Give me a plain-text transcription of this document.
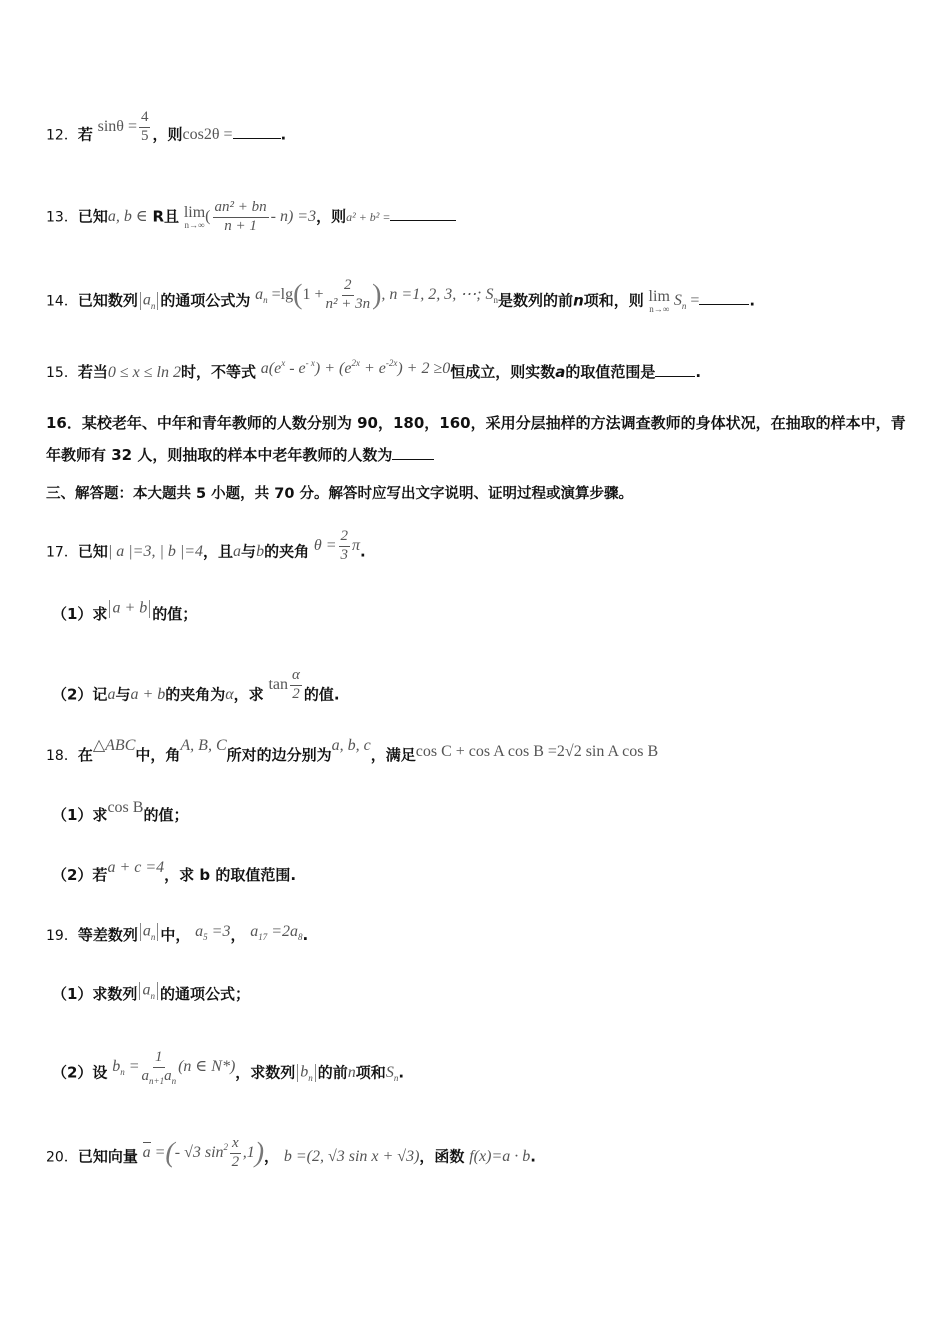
12．若 $\sin\theta = \frac{4}{5}$ ，则cos2θ =	.
13．已知a, b ∈ R且 lim
n→∞ ( $\frac{\text{an² + bn}}{n + 1} - n) =3$，则a² + b² =
14．已知数列 $a_n$ 的通项公式为 $a_n =\lg(1 + \frac{2}{\text{n² + 3n}}$ ), n =1, 2, 3, ⋯; $S_n$是数列的前n项和，则 lim
n→∞ $S_n$ =	.
15．若当0 ≤ x ≤ ln 2时，不等式 $a(e^x - e^{- x}) + (e^{2x} + e^{-2x}) + 2 \ge 0$恒成立，则实数a的取值范围是	.
16．某校老年、中年和青年教师的人数分别为 90，180，160，采用分层抽样的方法调查教师的身体状况，在抽取的样本中，青年教师有 32 人，则抽取的样本中老年教师的人数为
三、解答题：本大题共 5 小题，共 70 分。解答时应写出文字说明、证明过程或演算步骤。
17．已知| a |=3, | b |=4，且a与b的夹角 $\theta = \frac{2}{3} \pi$.
（1）求 a + b 的值；
（2）记a与a + b的夹角为α，求 $\tan \frac{\alpha}{2}$ 的值.
18．在△ABC中，角A, B, C所对的边分别为a, b, c，满足cos C + cos A cos B =2√2 sin A cos B
（1）求cos B的值；
（2）若a + c =4，求 b 的取值范围.
19．等差数列 $a_n$ 中， $a_5 =3$， $a_{17} =2a_8$.
（1）求数列 $a_n$ 的通项公式；
（2）设 $b_n = \frac{1}{a_{n+1}a_n} (n$ ∈ N*)，求数列 $b_n$ 的前n项和$S_n$.
20．已知向量 a =(- √3 $\sin^2 \frac{x}{2} ,1$)， b =(2, √3 sin x + √3)，函数 f(x)=a · b.
